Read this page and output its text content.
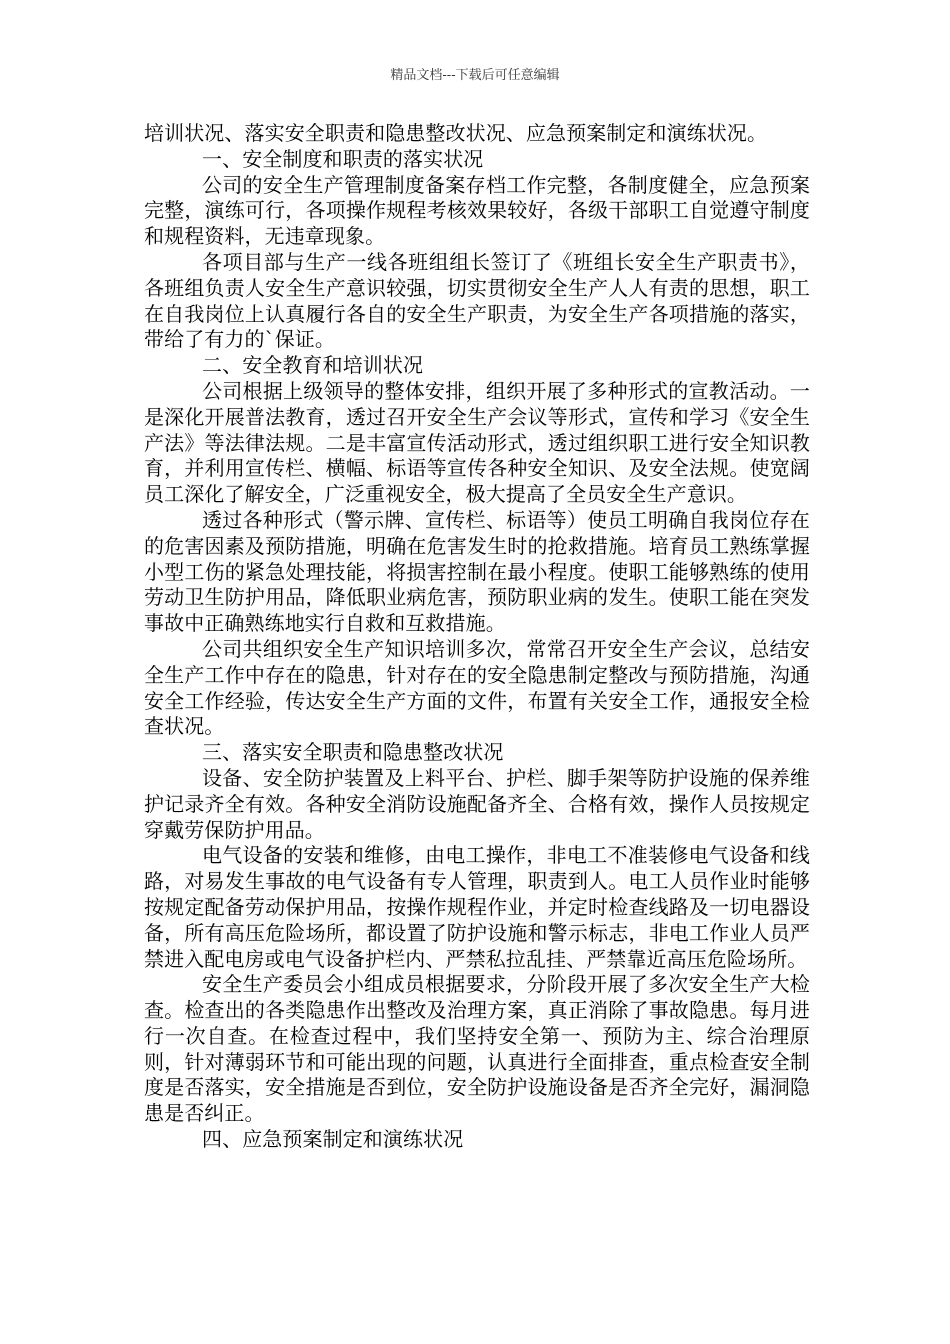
精品文档---下载后可任意编辑

培训状况、落实安全职责和隐患整改状况、应急预案制定和演练状况。

一、安全制度和职责的落实状况

公司的安全生产管理制度备案存档工作完整，各制度健全，应急预案完整，演练可行，各项操作规程考核效果较好，各级干部职工自觉遵守制度和规程资料，无违章现象。

各项目部与生产一线各班组组长签订了《班组长安全生产职责书》，各班组负责人安全生产意识较强，切实贯彻安全生产人人有责的思想，职工在自我岗位上认真履行各自的安全生产职责，为安全生产各项措施的落实，带给了有力的`保证。

二、安全教育和培训状况

公司根据上级领导的整体安排，组织开展了多种形式的宣教活动。一是深化开展普法教育，透过召开安全生产会议等形式，宣传和学习《安全生产法》等法律法规。二是丰富宣传活动形式，透过组织职工进行安全知识教育，并利用宣传栏、横幅、标语等宣传各种安全知识、及安全法规。使宽阔员工深化了解安全，广泛重视安全，极大提高了全员安全生产意识。

透过各种形式（警示牌、宣传栏、标语等）使员工明确自我岗位存在的危害因素及预防措施，明确在危害发生时的抢救措施。培育员工熟练掌握小型工伤的紧急处理技能，将损害控制在最小程度。使职工能够熟练的使用劳动卫生防护用品，降低职业病危害，预防职业病的发生。使职工能在突发事故中正确熟练地实行自救和互救措施。

公司共组织安全生产知识培训多次，常常召开安全生产会议，总结安全生产工作中存在的隐患，针对存在的安全隐患制定整改与预防措施，沟通安全工作经验，传达安全生产方面的文件，布置有关安全工作，通报安全检查状况。

三、落实安全职责和隐患整改状况

设备、安全防护装置及上料平台、护栏、脚手架等防护设施的保养维护记录齐全有效。各种安全消防设施配备齐全、合格有效，操作人员按规定穿戴劳保防护用品。

电气设备的安装和维修，由电工操作，非电工不准装修电气设备和线路，对易发生事故的电气设备有专人管理，职责到人。电工人员作业时能够按规定配备劳动保护用品，按操作规程作业，并定时检查线路及一切电器设备，所有高压危险场所，都设置了防护设施和警示标志，非电工作业人员严禁进入配电房或电气设备护栏内、严禁私拉乱挂、严禁靠近高压危险场所。

安全生产委员会小组成员根据要求，分阶段开展了多次安全生产大检查。检查出的各类隐患作出整改及治理方案，真正消除了事故隐患。每月进行一次自查。在检查过程中，我们坚持安全第一、预防为主、综合治理原则，针对薄弱环节和可能出现的问题，认真进行全面排查，重点检查安全制度是否落实，安全措施是否到位，安全防护设施设备是否齐全完好，漏洞隐患是否纠正。

四、应急预案制定和演练状况
